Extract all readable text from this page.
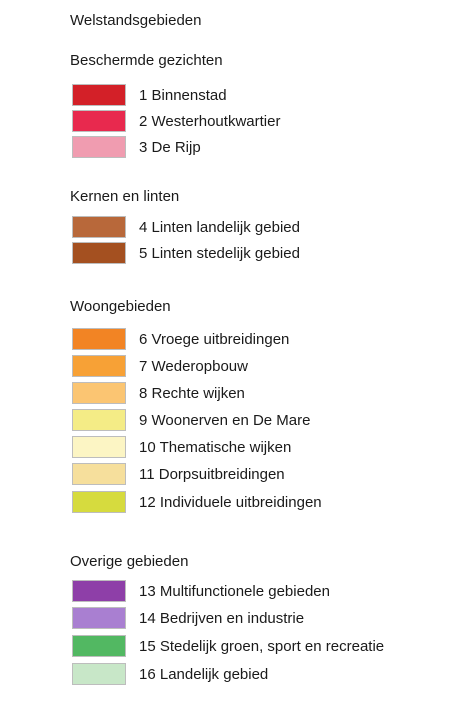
Welstandsgebieden
Beschermde gezichten
1 Binnenstad
2 Westerhoutkwartier
3 De Rijp
Kernen en linten
4 Linten landelijk gebied
5 Linten stedelijk gebied
Woongebieden
6 Vroege uitbreidingen
7 Wederopbouw
8 Rechte wijken
9 Woonerven en De Mare
10 Thematische wijken
11 Dorpsuitbreidingen
12 Individuele uitbreidingen
Overige gebieden
13 Multifunctionele gebieden
14 Bedrijven en industrie
15 Stedelijk groen, sport en recreatie
16 Landelijk gebied
